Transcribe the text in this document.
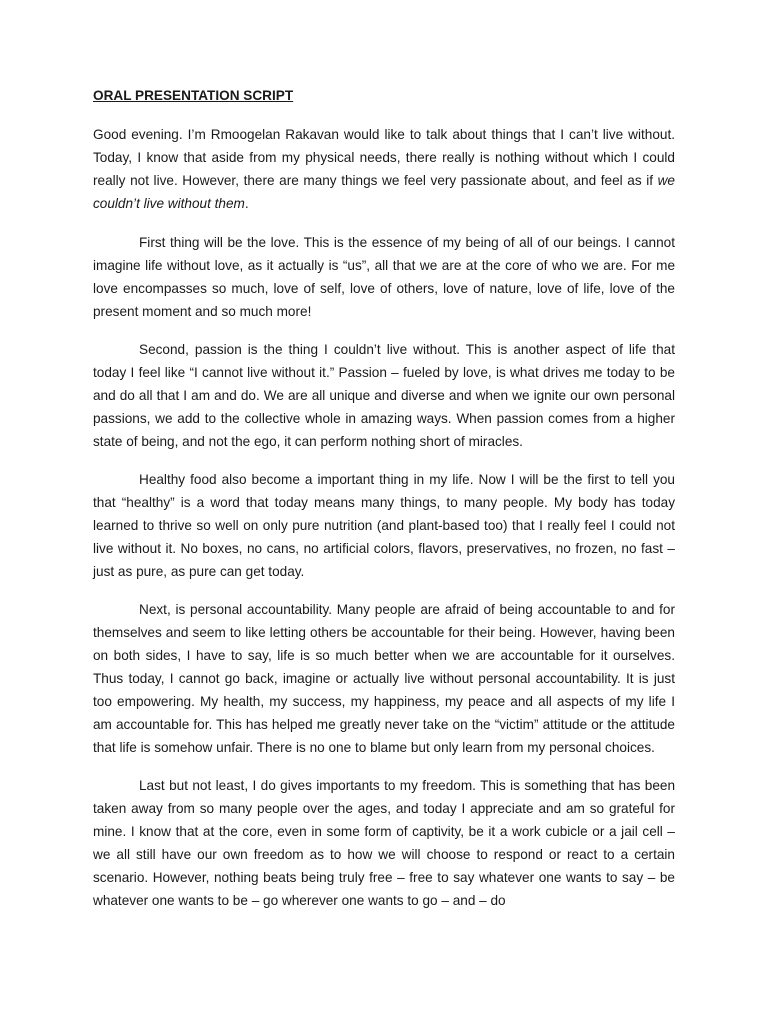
ORAL PRESENTATION SCRIPT

Good evening. I’m Rmoogelan Rakavan would like to talk about things that I can’t live without. Today, I know that aside from my physical needs, there really is nothing without which I could really not live. However, there are many things we feel very passionate about, and feel as if we couldn’t live without them.

First thing will be the love. This is the essence of my being of all of our beings. I cannot imagine life without love, as it actually is “us”, all that we are at the core of who we are. For me love encompasses so much, love of self, love of others, love of nature, love of life, love of the present moment and so much more!

Second, passion is the thing I couldn’t live without. This is another aspect of life that today I feel like “I cannot live without it.” Passion – fueled by love, is what drives me today to be and do all that I am and do. We are all unique and diverse and when we ignite our own personal passions, we add to the collective whole in amazing ways. When passion comes from a higher state of being, and not the ego, it can perform nothing short of miracles.

Healthy food also become a important thing in my life. Now I will be the first to tell you that “healthy” is a word that today means many things, to many people. My body has today learned to thrive so well on only pure nutrition (and plant-based too) that I really feel I could not live without it. No boxes, no cans, no artificial colors, flavors, preservatives, no frozen, no fast – just as pure, as pure can get today.

Next, is personal accountability. Many people are afraid of being accountable to and for themselves and seem to like letting others be accountable for their being. However, having been on both sides, I have to say, life is so much better when we are accountable for it ourselves. Thus today, I cannot go back, imagine or actually live without personal accountability. It is just too empowering. My health, my success, my happiness, my peace and all aspects of my life I am accountable for. This has helped me greatly never take on the “victim” attitude or the attitude that life is somehow unfair. There is no one to blame but only learn from my personal choices.

Last but not least, I do gives importants to my freedom. This is something that has been taken away from so many people over the ages, and today I appreciate and am so grateful for mine. I know that at the core, even in some form of captivity, be it a work cubicle or a jail cell – we all still have our own freedom as to how we will choose to respond or react to a certain scenario. However, nothing beats being truly free – free to say whatever one wants to say – be whatever one wants to be – go wherever one wants to go – and – do
